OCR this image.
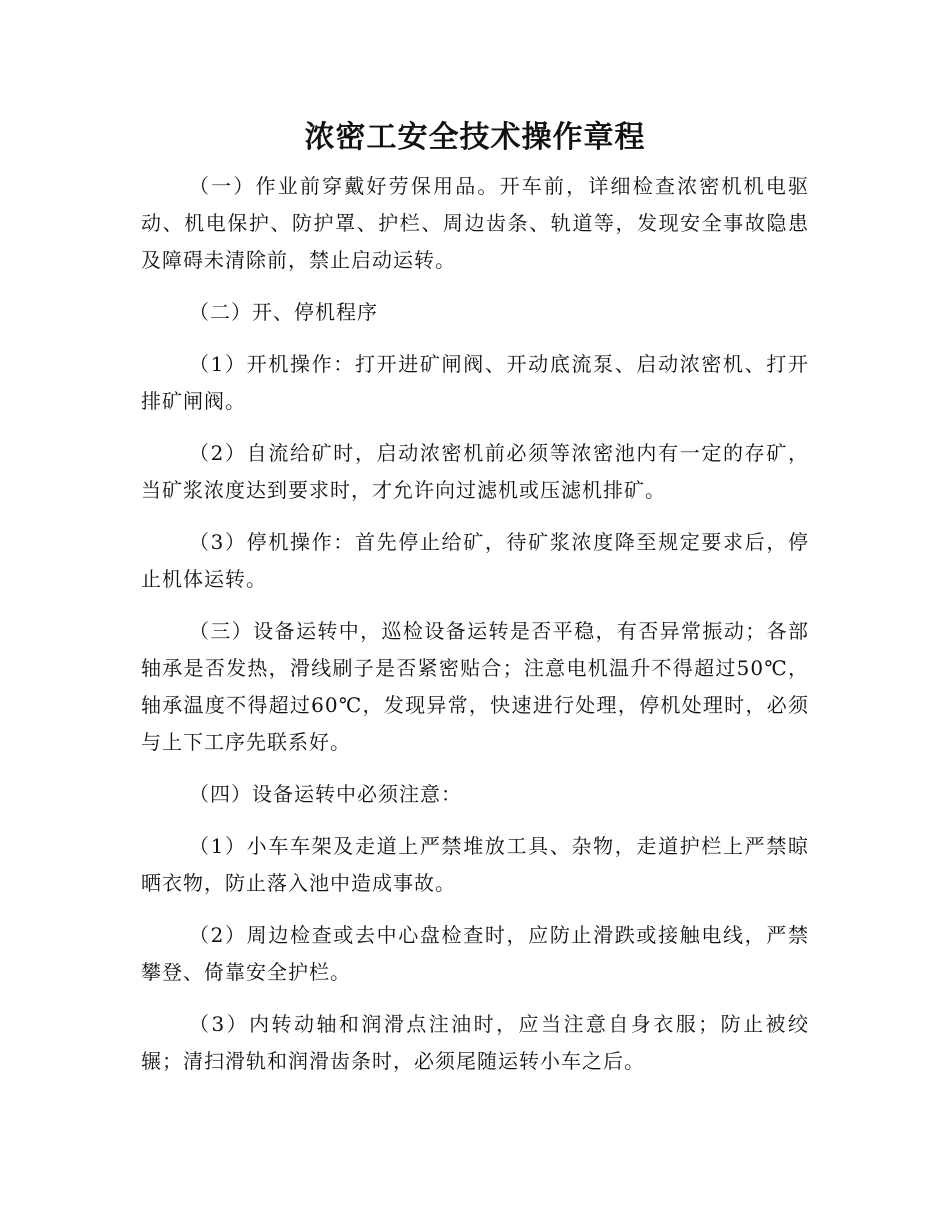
浓密工安全技术操作章程

（一）作业前穿戴好劳保用品。开车前，详细检查浓密机机电驱动、机电保护、防护罩、护栏、周边齿条、轨道等，发现安全事故隐患及障碍未清除前，禁止启动运转。

（二）开、停机程序

（1）开机操作：打开进矿闸阀、开动底流泵、启动浓密机、打开排矿闸阀。

（2）自流给矿时，启动浓密机前必须等浓密池内有一定的存矿，当矿浆浓度达到要求时，才允许向过滤机或压滤机排矿。

（3）停机操作：首先停止给矿，待矿浆浓度降至规定要求后，停止机体运转。

（三）设备运转中，巡检设备运转是否平稳，有否异常振动；各部轴承是否发热，滑线刷子是否紧密贴合；注意电机温升不得超过50℃，轴承温度不得超过60℃，发现异常，快速进行处理，停机处理时，必须与上下工序先联系好。

（四）设备运转中必须注意：

（1）小车车架及走道上严禁堆放工具、杂物，走道护栏上严禁晾晒衣物，防止落入池中造成事故。

（2）周边检查或去中心盘检查时，应防止滑跌或接触电线，严禁攀登、倚靠安全护栏。

（3）内转动轴和润滑点注油时，应当注意自身衣服；防止被绞辗；清扫滑轨和润滑齿条时，必须尾随运转小车之后。
